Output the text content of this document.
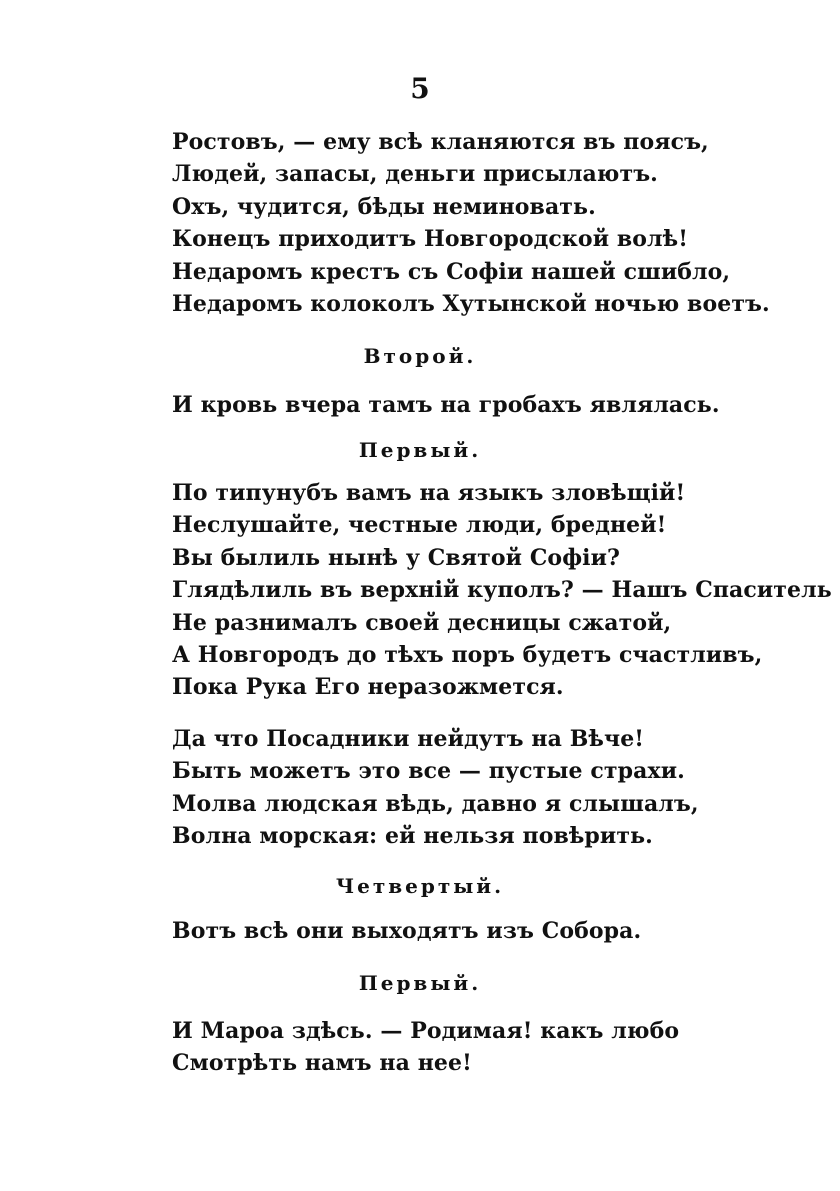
5
Ростовъ, — ему всѣ кланяются въ поясъ,
Людей, запасы, деньги присылаютъ.
Охъ, чудится, бѣды неминовать.
Конецъ приходитъ Новгородской волѣ!
Недаромъ крестъ съ Софіи нашей сшибло,
Недаромъ колоколъ Хутынской ночью воетъ.
Второй.
И кровь вчера тамъ на гробахъ являлась.
Первый.
По типунубъ вамъ на языкъ зловѣщій!
Неслушайте, честные люди, бредней!
Вы былиль нынѣ у Святой Софіи?
Глядѣлиль въ верхній куполъ? — Нашъ Спаситель
Не разнималъ своей десницы сжатой,
А Новгородъ до тѣхъ поръ будетъ счастливъ,
Пока Рука Его неразожмется.
Да что Посадники нейдутъ на Вѣче!
Быть можетъ это все — пустые страхи.
Молва людская вѣдь, давно я слышалъ,
Волна морская: ей нельзя повѣрить.
Четвертый.
Вотъ всѣ они выходятъ изъ Собора.
Первый.
И Мароа здѣсь. — Родимая! какъ любо
Смотрѣть намъ на нее!
